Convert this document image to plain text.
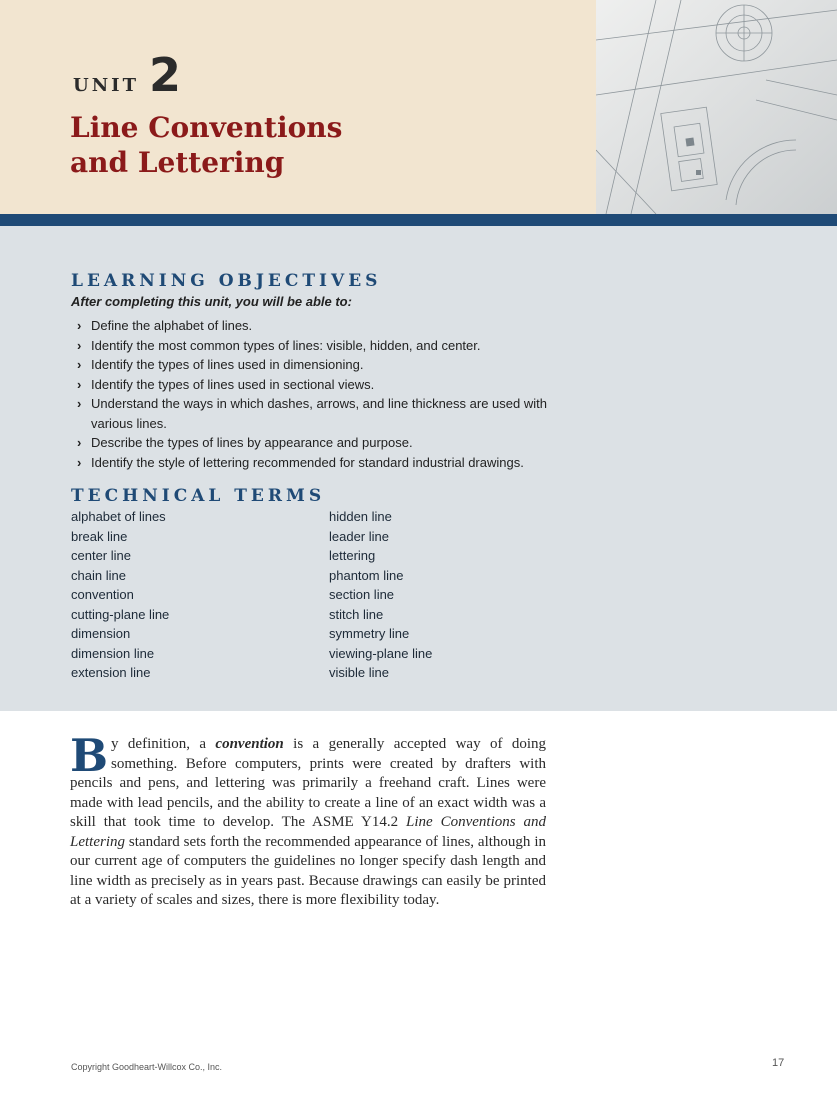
UNIT 2
Line Conventions
and Lettering
LEARNING OBJECTIVES
After completing this unit, you will be able to:
› Define the alphabet of lines.
› Identify the most common types of lines: visible, hidden, and center.
› Identify the types of lines used in dimensioning.
› Identify the types of lines used in sectional views.
› Understand the ways in which dashes, arrows, and line thickness are used with various lines.
› Describe the types of lines by appearance and purpose.
› Identify the style of lettering recommended for standard industrial drawings.
TECHNICAL TERMS
alphabet of lines
break line
center line
chain line
convention
cutting-plane line
dimension
dimension line
extension line
hidden line
leader line
lettering
phantom line
section line
stitch line
symmetry line
viewing-plane line
visible line

By definition, a convention is a generally accepted way of doing something. Before computers, prints were created by drafters with pencils and pens, and lettering was primarily a freehand craft. Lines were made with lead pencils, and the ability to create a line of an exact width was a skill that took time to develop. The ASME Y14.2 Line Conventions and Lettering standard sets forth the recommended appearance of lines, although in our current age of computers the guidelines no longer specify dash length and line width as precisely as in years past. Because drawings can easily be printed at a variety of scales and sizes, there is more flexibility today.

Copyright Goodheart-Willcox Co., Inc.	17
